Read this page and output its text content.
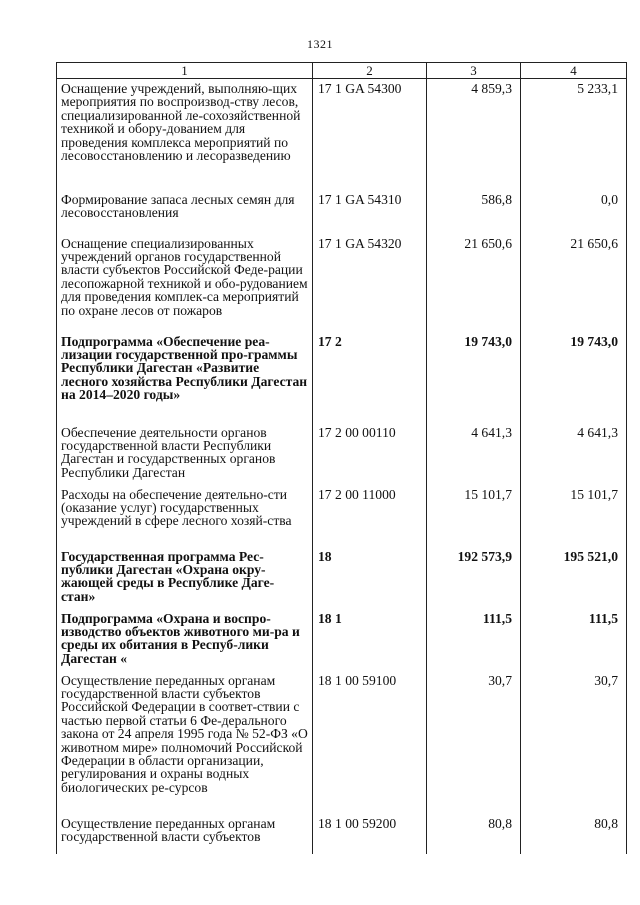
1321
1	2	3	4
Оснащение учреждений, выполняю-щих мероприятия по воспроизвод-ству лесов, специализированной ле-сохозяйственной техникой и обору-дованием для проведения комплекса мероприятий по лесовосстановлению и лесоразведению	17 1 GA 54300	4 859,3	5 233,1
Формирование запаса лесных семян для лесовосстановления	17 1 GA 54310	586,8	0,0
Оснащение специализированных учреждений органов государственной власти субъектов Российской Феде-рации лесопожарной техникой и обо-рудованием для проведения комплек-са мероприятий по охране лесов от пожаров	17 1 GA 54320	21 650,6	21 650,6
Подпрограмма «Обеспечение реа-лизации государственной про-граммы Республики Дагестан «Развитие лесного хозяйства Республики Дагестан на 2014–2020 годы»	17 2	19 743,0	19 743,0
Обеспечение деятельности органов государственной власти Республики Дагестан и государственных органов Республики Дагестан	17 2 00 00110	4 641,3	4 641,3
Расходы на обеспечение деятельно-сти (оказание услуг) государственных учреждений в сфере лесного хозяй-ства	17 2 00 11000	15 101,7	15 101,7
Государственная программа Рес-публики Дагестан «Охрана окру-жающей среды в Республике Даге-стан»	18	192 573,9	195 521,0
Подпрограмма «Охрана и воспро-изводство объектов животного ми-ра и среды их обитания в Респуб-лики Дагестан «	18 1	111,5	111,5
Осуществление переданных органам государственной власти субъектов Российской Федерации в соответ-ствии с частью первой статьи 6 Фе-дерального закона от 24 апреля 1995 года № 52-ФЗ «О животном мире» полномочий Российской Федерации в области организации, регулирования и охраны водных биологических ре-сурсов	18 1 00 59100	30,7	30,7
Осуществление переданных органам государственной власти субъектов	18 1 00 59200	80,8	80,8
